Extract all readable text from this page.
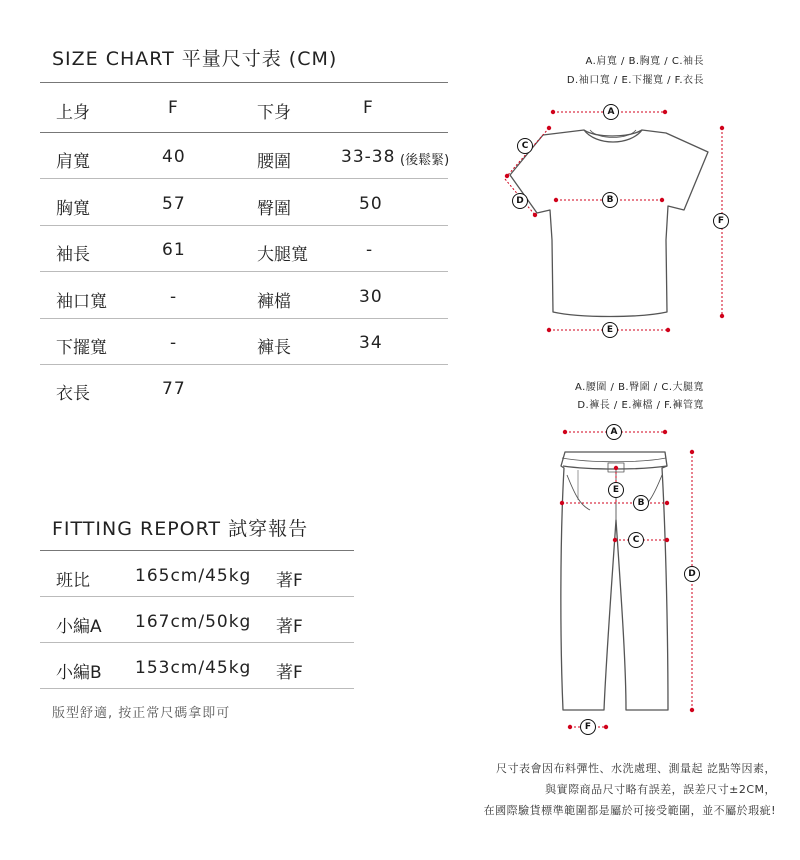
SIZE CHART 平量尺寸表 (CM)
上身	F	下身	F
肩寬	40	腰圍	33-38 (後鬆緊)
胸寬	57	臀圍	50
袖長	61	大腿寬	-
袖口寬	-	褲檔	30
下擺寬	-	褲長	34
衣長	77
FITTING REPORT 試穿報告
班比	165cm/45kg 著F
小編A 167cm/50kg 著F
小編B 153cm/45kg 著F
版型舒適, 按正常尺碼拿即可
A.肩寬 / B.胸寬 / C.袖長
D.袖口寬 / E.下擺寬 / F.衣長
A.腰圍 / B.臀圍 / C.大腿寬
D.褲長 / E.褲檔 / F.褲管寬
A
B
C
D
E
F
A
B
C
D
E
F
尺寸表會因布料彈性、水洗處理、測量起 訖點等因素，
與實際商品尺寸略有誤差，誤差尺寸±2CM，
在國際驗貨標準範圍都是屬於可接受範圍，並不屬於瑕疵!
